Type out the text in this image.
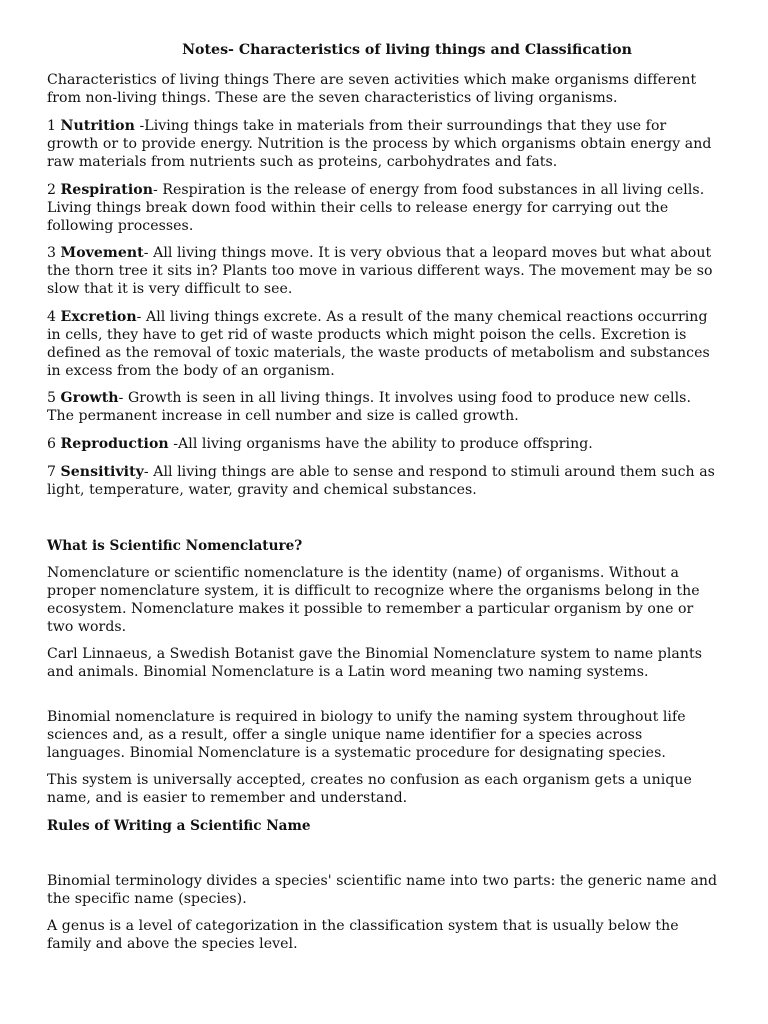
Notes- Characteristics of living things and Classification

Characteristics of living things There are seven activities which make organisms different from non-living things. These are the seven characteristics of living organisms.

1 Nutrition -Living things take in materials from their surroundings that they use for growth or to provide energy. Nutrition is the process by which organisms obtain energy and raw materials from nutrients such as proteins, carbohydrates and fats.

2 Respiration- Respiration is the release of energy from food substances in all living cells. Living things break down food within their cells to release energy for carrying out the following processes.

3 Movement- All living things move. It is very obvious that a leopard moves but what about the thorn tree it sits in? Plants too move in various different ways. The movement may be so slow that it is very difficult to see.

4 Excretion- All living things excrete. As a result of the many chemical reactions occurring in cells, they have to get rid of waste products which might poison the cells. Excretion is defined as the removal of toxic materials, the waste products of metabolism and substances in excess from the body of an organism.

5 Growth- Growth is seen in all living things. It involves using food to produce new cells. The permanent increase in cell number and size is called growth.

6 Reproduction -All living organisms have the ability to produce offspring.

7 Sensitivity- All living things are able to sense and respond to stimuli around them such as light, temperature, water, gravity and chemical substances.

What is Scientific Nomenclature?

Nomenclature or scientific nomenclature is the identity (name) of organisms. Without a proper nomenclature system, it is difficult to recognize where the organisms belong in the ecosystem. Nomenclature makes it possible to remember a particular organism by one or two words.

Carl Linnaeus, a Swedish Botanist gave the Binomial Nomenclature system to name plants and animals. Binomial Nomenclature is a Latin word meaning two naming systems.

Binomial nomenclature is required in biology to unify the naming system throughout life sciences and, as a result, offer a single unique name identifier for a species across languages. Binomial Nomenclature is a systematic procedure for designating species.

This system is universally accepted, creates no confusion as each organism gets a unique name, and is easier to remember and understand.

Rules of Writing a Scientific Name

Binomial terminology divides a species' scientific name into two parts: the generic name and the specific name (species).

A genus is a level of categorization in the classification system that is usually below the family and above the species level.
